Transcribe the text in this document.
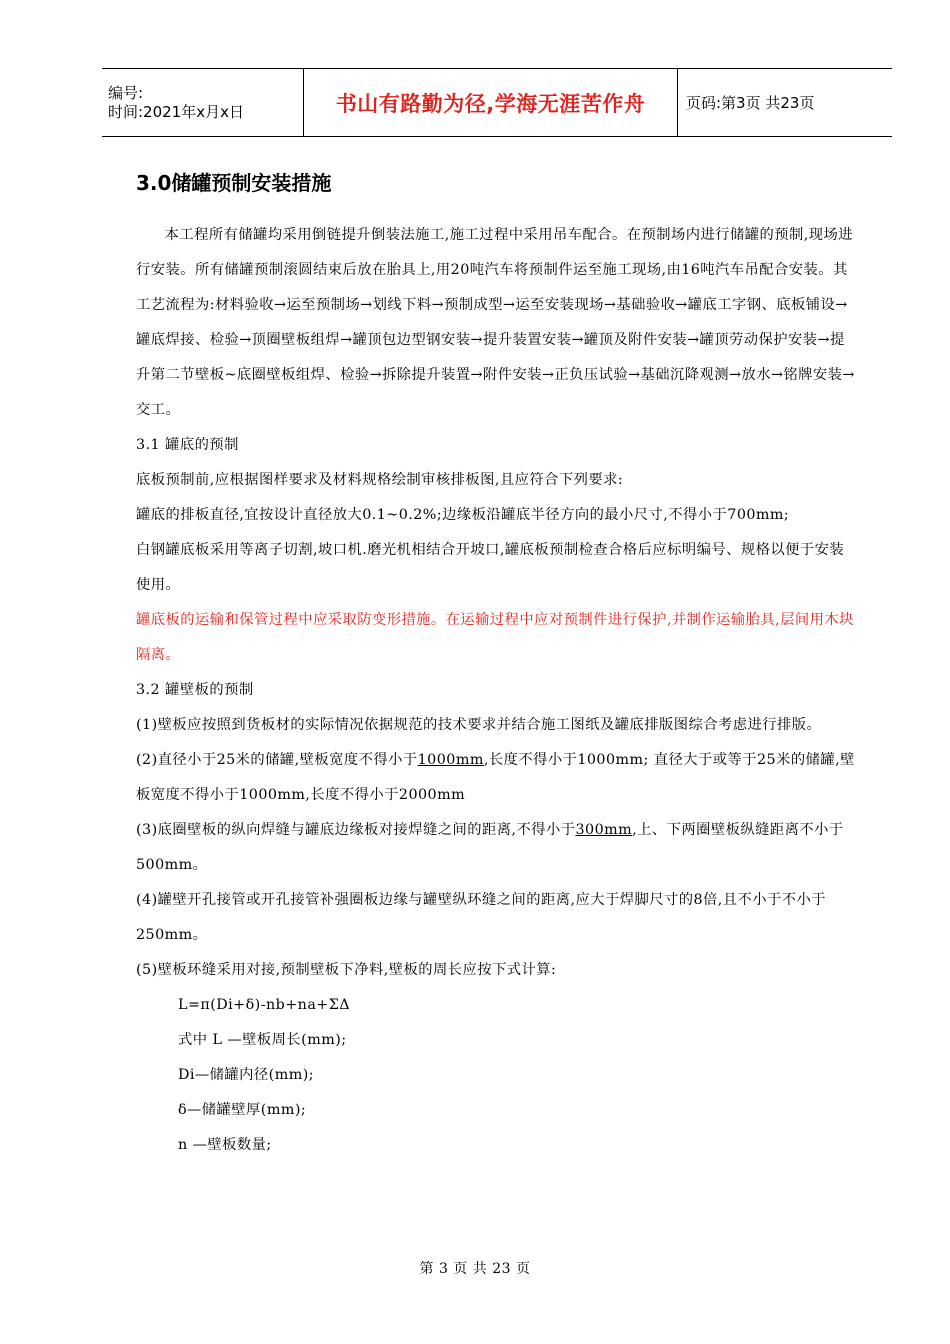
编号:
时间:2021年x月x日	书山有路勤为径,学海无涯苦作舟	页码:第3页 共23页
3.0储罐预制安装措施

本工程所有储罐均采用倒链提升倒装法施工,施工过程中采用吊车配合。在预制场内进行储罐的预制,现场进行安装。所有储罐预制滚圆结束后放在胎具上,用20吨汽车将预制件运至施工现场,由16吨汽车吊配合安装。其工艺流程为:材料验收→运至预制场→划线下料→预制成型→运至安装现场→基础验收→罐底工字钢、底板铺设→罐底焊接、检验→顶圈壁板组焊→罐顶包边型钢安装→提升装置安装→罐顶及附件安装→罐顶劳动保护安装→提升第二节壁板~底圈壁板组焊、检验→拆除提升装置→附件安装→正负压试验→基础沉降观测→放水→铭牌安装→交工。

3.1 罐底的预制

底板预制前,应根据图样要求及材料规格绘制审核排板图,且应符合下列要求:

罐底的排板直径,宜按设计直径放大0.1~0.2%;边缘板沿罐底半径方向的最小尺寸,不得小于700mm;

白钢罐底板采用等离子切割,坡口机.磨光机相结合开坡口,罐底板预制检查合格后应标明编号、规格以便于安装使用。

罐底板的运输和保管过程中应采取防变形措施。在运输过程中应对预制件进行保护,并制作运输胎具,层间用木块隔离。

3.2 罐壁板的预制

(1)壁板应按照到货板材的实际情况依据规范的技术要求并结合施工图纸及罐底排版图综合考虑进行排版。

(2)直径小于25米的储罐,壁板宽度不得小于1000mm,长度不得小于1000mm; 直径大于或等于25米的储罐,壁板宽度不得小于1000mm,长度不得小于2000mm

(3)底圈壁板的纵向焊缝与罐底边缘板对接焊缝之间的距离,不得小于300mm,上、下两圈壁板纵缝距离不小于500mm。

(4)罐壁开孔接管或开孔接管补强圈板边缘与罐壁纵环缝之间的距离,应大于焊脚尺寸的8倍,且不小于不小于250mm。

(5)壁板环缝采用对接,预制壁板下净料,壁板的周长应按下式计算:

L=π(Di+δ)-nb+na+ΣΔ

式中 L —壁板周长(mm);

Di—储罐内径(mm);

δ—储罐壁厚(mm);

n —壁板数量;

第 3 页 共 23 页
